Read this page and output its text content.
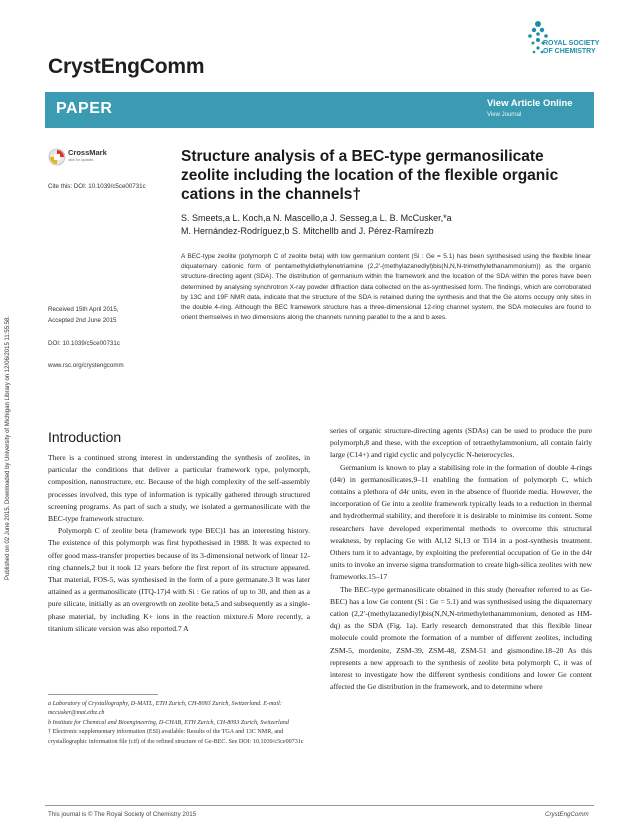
CrystEngComm
ROYAL SOCIETY
OF CHEMISTRY
PAPER	View Article Online
View Journal
Published on 02 June 2015. Downloaded by University of Michigan Library on 12/06/2015 11:55:58.
CrossMark
click for updates
Cite this: DOI: 10.1039/c5ce00731c
Structure analysis of a BEC-type germanosilicate zeolite including the location of the flexible organic cations in the channels†
S. Smeets,a L. Koch,a N. Mascello,a J. Sesseg,a L. B. McCusker,*a
M. Hernández-Rodríguez,b S. Mitchellb and J. Pérez-Ramírezb
A BEC-type zeolite (polymorph C of zeolite beta) with low germanium content (Si : Ge = 5.1) has been synthesised using the flexible linear diquaternary cationic form of pentamethyldiethylenetriamine (2,2′-(methylazanediyl)bis(N,N,N-trimethylethanammonium)) as the organic structure-directing agent (SDA). The distribution of germanium within the framework and the location of the SDA within the pores have been determined by analysing synchrotron X-ray powder diffraction data collected on the as-synthesised form. The findings, which are corroborated by 13C and 19F NMR data, indicate that the structure of the SDA is retained during the synthesis and that the Ge atoms occupy only sites in the double 4-ring. Although the BEC framework structure has a three-dimensional 12-ring channel system, the SDA molecules are found to orient themselves in two dimensions along the channels running parallel to the a and b axes.
Received 15th April 2015,
Accepted 2nd June 2015
DOI: 10.1039/c5ce00731c
www.rsc.org/crystengcomm
Introduction

There is a continued strong interest in understanding the synthesis of zeolites, in particular the conditions that deliver a particular framework type, polymorph, composition, nanostructure, etc. Because of the high complexity of the self-assembly processes involved, this type of information is typically gathered through structured screening programs. As part of such a study, we isolated a germanosilicate with the BEC-type framework structure.

Polymorph C of zeolite beta (framework type BEC)1 has an interesting history. The existence of this polymorph was first hypothesised in 1988. It was expected to offer good mass-transfer properties because of its 3-dimensional network of linear 12-ring channels,2 but it took 12 years before the first report of its structure appeared. That material, FOS-5, was synthesised in the form of a pure germanate.3 It was later attained as a germanosilicate (ITQ-17)4 with Si : Ge ratios of up to 30, and then as a pure silicate, initially as an overgrowth on zeolite beta,5 and subsequently as a single-phase material, by including K+ ions in the reaction mixture.6 More recently, a titanium silicate version was also reported.7 A

a Laboratory of Crystallography, D-MATL, ETH Zurich, CH-8093 Zurich, Switzerland. E-mail: mccusker@mat.ethz.ch

b Institute for Chemical and Bioengineering, D-CHAB, ETH Zurich, CH-8093 Zurich, Switzerland

† Electronic supplementary information (ESI) available: Results of the TGA and 13C NMR, and crystallographic information file (cif) of the refined structure of Ge-BEC. See DOI: 10.1039/c5ce00731c

series of organic structure-directing agents (SDAs) can be used to produce the pure polymorph,8 and these, with the exception of tetraethylammonium, all contain fairly large (C14+) and rigid cyclic and polycyclic N-heterocycles.

Germanium is known to play a stabilising role in the formation of double 4-rings (d4r) in germanosilicates,9–11 enabling the formation of polymorph C, which contains a plethora of d4r units, even in the absence of fluoride media. However, the incorporation of Ge into a zeolite framework typically leads to a reduction in thermal and hydrothermal stability, and therefore it is desirable to minimise its content. Some researchers have developed experimental methods to overcome this structural weakness, by replacing Ge with Al,12 Si,13 or Ti14 in a post-synthesis treatment. Others turn it to advantage, by exploiting the preferential occupation of Ge in the d4r units to invoke an inverse sigma transformation to create high-silica zeolites with new frameworks.15–17

The BEC-type germanosilicate obtained in this study (hereafter referred to as Ge-BEC) has a low Ge content (Si : Ge = 5.1) and was synthesised using the diquaternary cation (2,2′-(methylazanediyl)bis(N,N,N-trimethylethanammonium, denoted as HM-dq) as the SDA (Fig. 1a). Early research demonstrated that this flexible linear molecule could promote the formation of a number of different zeolites, including ZSM-5, mordenite, ZSM-39, ZSM-48, ZSM-51 and gismondine.18–20 As this represents a new approach to the synthesis of zeolite beta polymorph C, it was of interest to investigate how the different synthesis conditions and lower Ge content affected the Ge distribution in the framework, and to determine where

This journal is © The Royal Society of Chemistry 2015	CrystEngComm
